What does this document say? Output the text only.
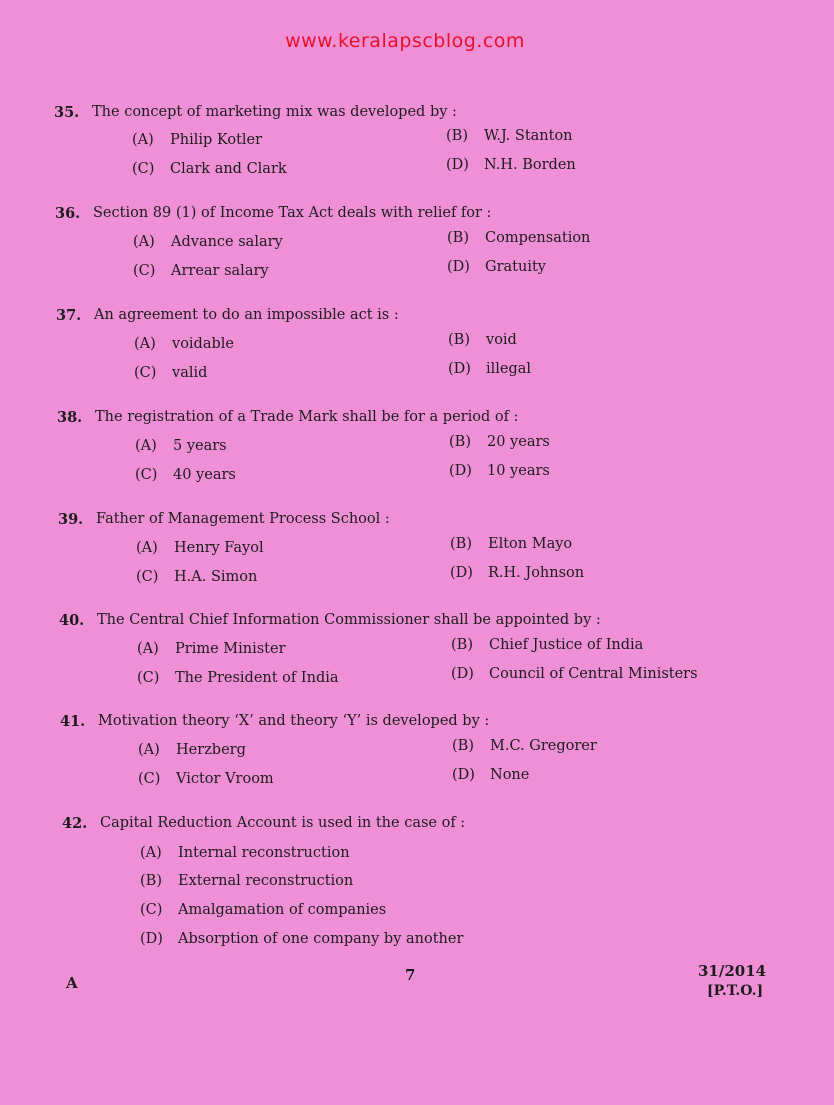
www.keralapscblog.com
35. The concept of marketing mix was developed by :
(A) Philip Kotler	(B) W.J. Stanton
(C) Clark and Clark	(D) N.H. Borden
36. Section 89 (1) of Income Tax Act deals with relief for :
(A) Advance salary	(B) Compensation
(C) Arrear salary	(D) Gratuity
37. An agreement to do an impossible act is :
(A) voidable	(B) void
(C) valid	(D) illegal
38. The registration of a Trade Mark shall be for a period of :
(A) 5 years	(B) 20 years
(C) 40 years	(D) 10 years
39. Father of Management Process School :
(A) Henry Fayol	(B) Elton Mayo
(C) H.A. Simon	(D) R.H. Johnson
40. The Central Chief Information Commissioner shall be appointed by :
(A) Prime Minister	(B) Chief Justice of India
(C) The President of India	(D) Council of Central Ministers
41. Motivation theory ‘X’ and theory ‘Y’ is developed by :
(A) Herzberg	(B) M.C. Gregorer
(C) Victor Vroom	(D) None
42. Capital Reduction Account is used in the case of :
(A) Internal reconstruction
(B) External reconstruction
(C) Amalgamation of companies
(D) Absorption of one company by another
A	7	31/2014
[P.T.O.]
